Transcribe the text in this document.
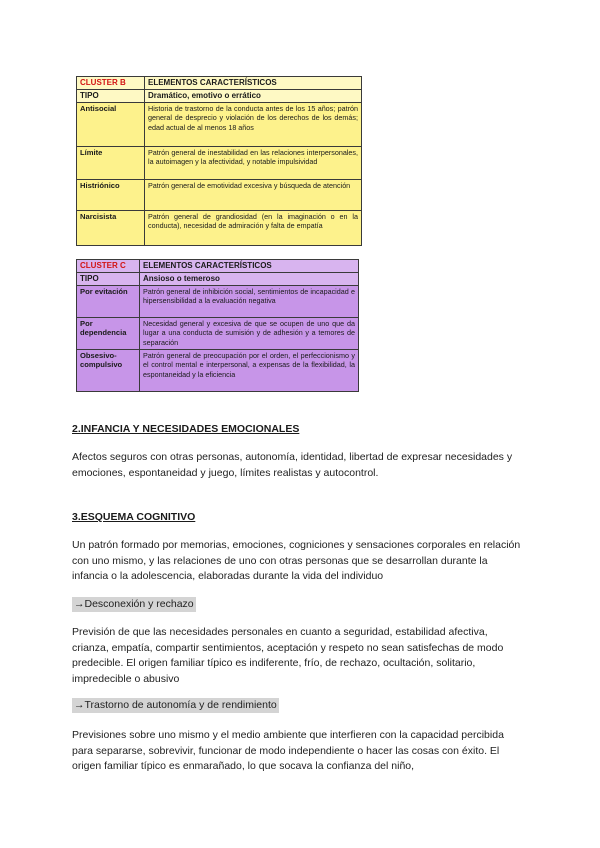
CLUSTER B	ELEMENTOS CARACTERÍSTICOS
TIPO	Dramático, emotivo o errático
Antisocial	Historia de trastorno de la conducta antes de los 15 años; patrón general de desprecio y violación de los derechos de los demás; edad actual de al menos 18 años
Límite	Patrón general de inestabilidad en las relaciones interpersonales, la autoimagen y la afectividad, y notable impulsividad
Histriónico	Patrón general de emotividad excesiva y búsqueda de atención
Narcisista	Patrón general de grandiosidad (en la imaginación o en la conducta), necesidad de admiración y falta de empatía
CLUSTER C	ELEMENTOS CARACTERÍSTICOS
TIPO	Ansioso o temeroso
Por evitación	Patrón general de inhibición social, sentimientos de incapacidad e hipersensibilidad a la evaluación negativa
Por dependencia	Necesidad general y excesiva de que se ocupen de uno que da lugar a una conducta de sumisión y de adhesión y a temores de separación
Obsesivo-compulsivo	Patrón general de preocupación por el orden, el perfeccionismo y el control mental e interpersonal, a expensas de la flexibilidad, la espontaneidad y la eficiencia

2.INFANCIA Y NECESIDADES EMOCIONALES

Afectos seguros con otras personas, autonomía, identidad, libertad de expresar necesidades y emociones, espontaneidad y juego, límites realistas y autocontrol.

3.ESQUEMA COGNITIVO

Un patrón formado por memorias, emociones, cogniciones y sensaciones corporales en relación con uno mismo, y las relaciones de uno con otras personas que se desarrollan durante la infancia o la adolescencia, elaboradas durante la vida del individuo

→Desconexión y rechazo

Previsión de que las necesidades personales en cuanto a seguridad, estabilidad afectiva, crianza, empatía, compartir sentimientos, aceptación y respeto no sean satisfechas de modo predecible. El origen familiar típico es indiferente, frío, de rechazo, ocultación, solitario, impredecible o abusivo

→Trastorno de autonomía y de rendimiento

Previsiones sobre uno mismo y el medio ambiente que interfieren con la capacidad percibida para separarse, sobrevivir, funcionar de modo independiente o hacer las cosas con éxito. El origen familiar típico es enmarañado, lo que socava la confianza del niño,
